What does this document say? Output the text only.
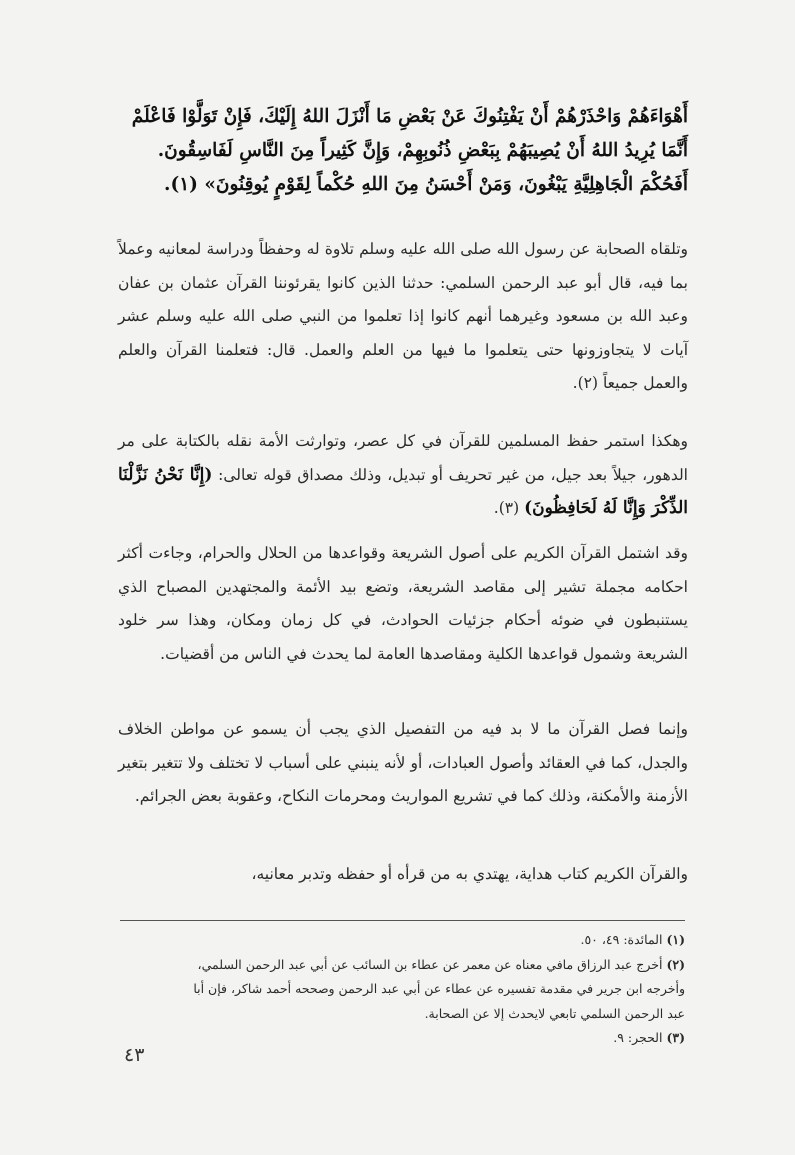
أَهْوَاءَهُمْ وَاحْذَرْهُمْ أَنْ يَفْتِنُوكَ عَنْ بَعْضِ مَا أَنْزَلَ اللهُ إِلَيْكَ، فَإِنْ تَوَلَّوْا فَاعْلَمْ
أَنَّمَا يُرِيدُ اللهُ أَنْ يُصِيبَهُمْ بِبَعْضِ ذُنُوبِهِمْ، وَإِنَّ كَثِيراً مِنَ النَّاسِ لَفَاسِقُونَ.
أَفَحُكْمَ الْجَاهِلِيَّةِ يَبْغُونَ، وَمَنْ أَحْسَنُ مِنَ اللهِ حُكْماً لِقَوْمٍ يُوقِنُونَ» (١).
وتلقاه الصحابة عن رسول الله صلى الله عليه وسلم تلاوة له وحفظاً ودراسة لمعانيه وعملاً بما فيه، قال أبو عبد الرحمن السلمي: حدثنا الذين كانوا يقرئوننا القرآن عثمان بن عفان وعبد الله بن مسعود وغيرهما أنهم كانوا إذا تعلموا من النبي صلى الله عليه وسلم عشر آيات لا يتجاوزونها حتى يتعلموا ما فيها من العلم والعمل. قال: فتعلمنا القرآن والعلم والعمل جميعاً (٢).
وهكذا استمر حفظ المسلمين للقرآن في كل عصر، وتوارثت الأمة نقله بالكتابة على مر الدهور، جيلاً بعد جيل، من غير تحريف أو تبديل، وذلك مصداق قوله تعالى: (إِنَّا نَحْنُ نَزَّلْنَا الذِّكْرَ وَإِنَّا لَهُ لَحَافِظُونَ) (٣).
وقد اشتمل القرآن الكريم على أصول الشريعة وقواعدها من الحلال والحرام، وجاءت أكثر احكامه مجملة تشير إلى مقاصد الشريعة، وتضع بيد الأئمة والمجتهدين المصباح الذي يستنبطون في ضوئه أحكام جزئيات الحوادث، في كل زمان ومكان، وهذا سر خلود الشريعة وشمول قواعدها الكلية ومقاصدها العامة لما يحدث في الناس من أقضيات.
وإنما فصل القرآن ما لا بد فيه من التفصيل الذي يجب أن يسمو عن مواطن الخلاف والجدل، كما في العقائد وأصول العبادات، أو لأنه ينبني على أسباب لا تختلف ولا تتغير بتغير الأزمنة والأمكنة، وذلك كما في تشريع المواريث ومحرمات النكاح، وعقوبة بعض الجرائم.
والقرآن الكريم كتاب هداية، يهتدي به من قرأه أو حفظه وتدبر معانيه،
(١) المائدة: ٤٩، ٥٠.
(٢) أخرج عبد الرزاق مافي معناه عن معمر عن عطاء بن السائب عن أبي عبد الرحمن السلمي،
وأخرجه ابن جرير في مقدمة تفسيره عن عطاء عن أبي عبد الرحمن وصححه أحمد شاكر، فإن أبا
عبد الرحمن السلمي تابعي لايحدث إلا عن الصحابة.
(٣) الحجر: ٩.
٤٣
